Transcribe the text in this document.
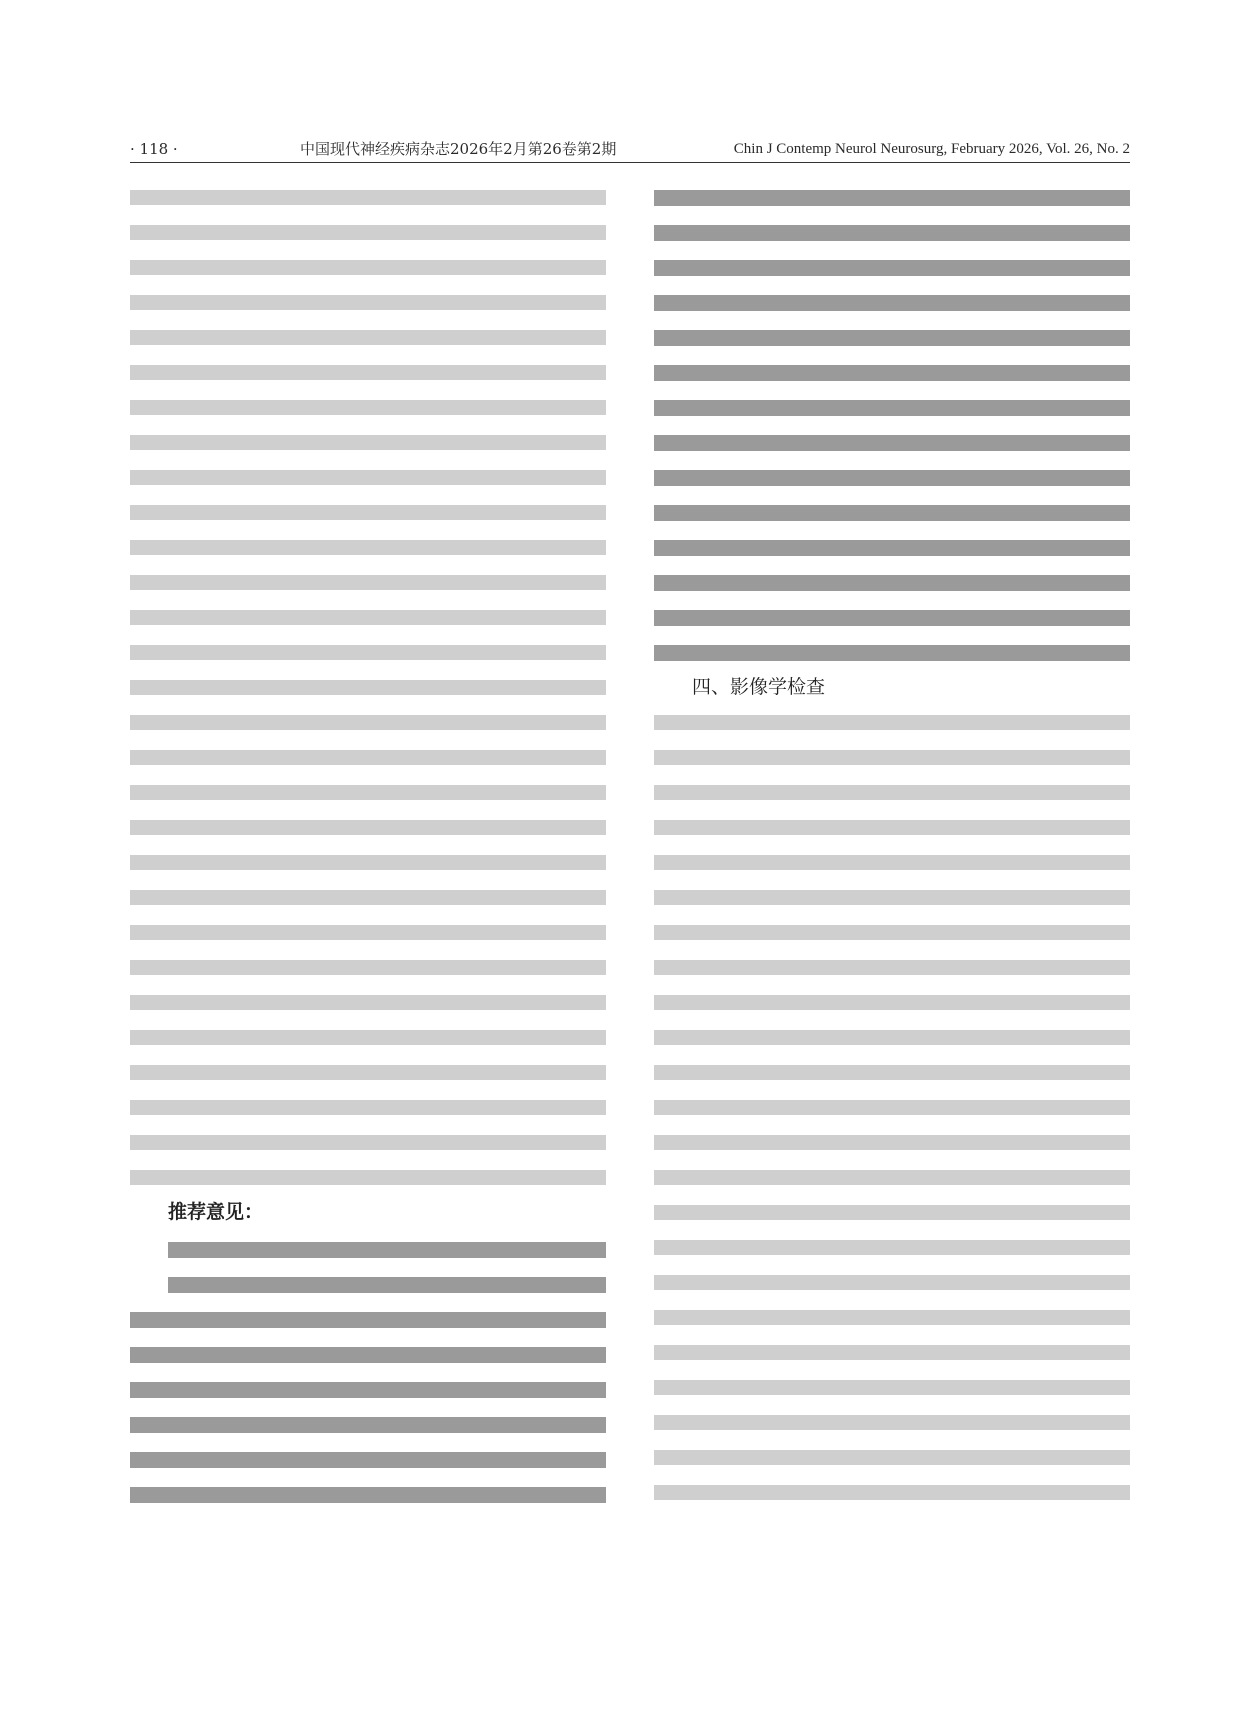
· 118 ·	中国现代神经疾病杂志2026年2月第26卷第2期	Chin J Contemp Neurol Neurosurg, February 2026, Vol. 26, No. 2
推荐意见：
四、影像学检查
